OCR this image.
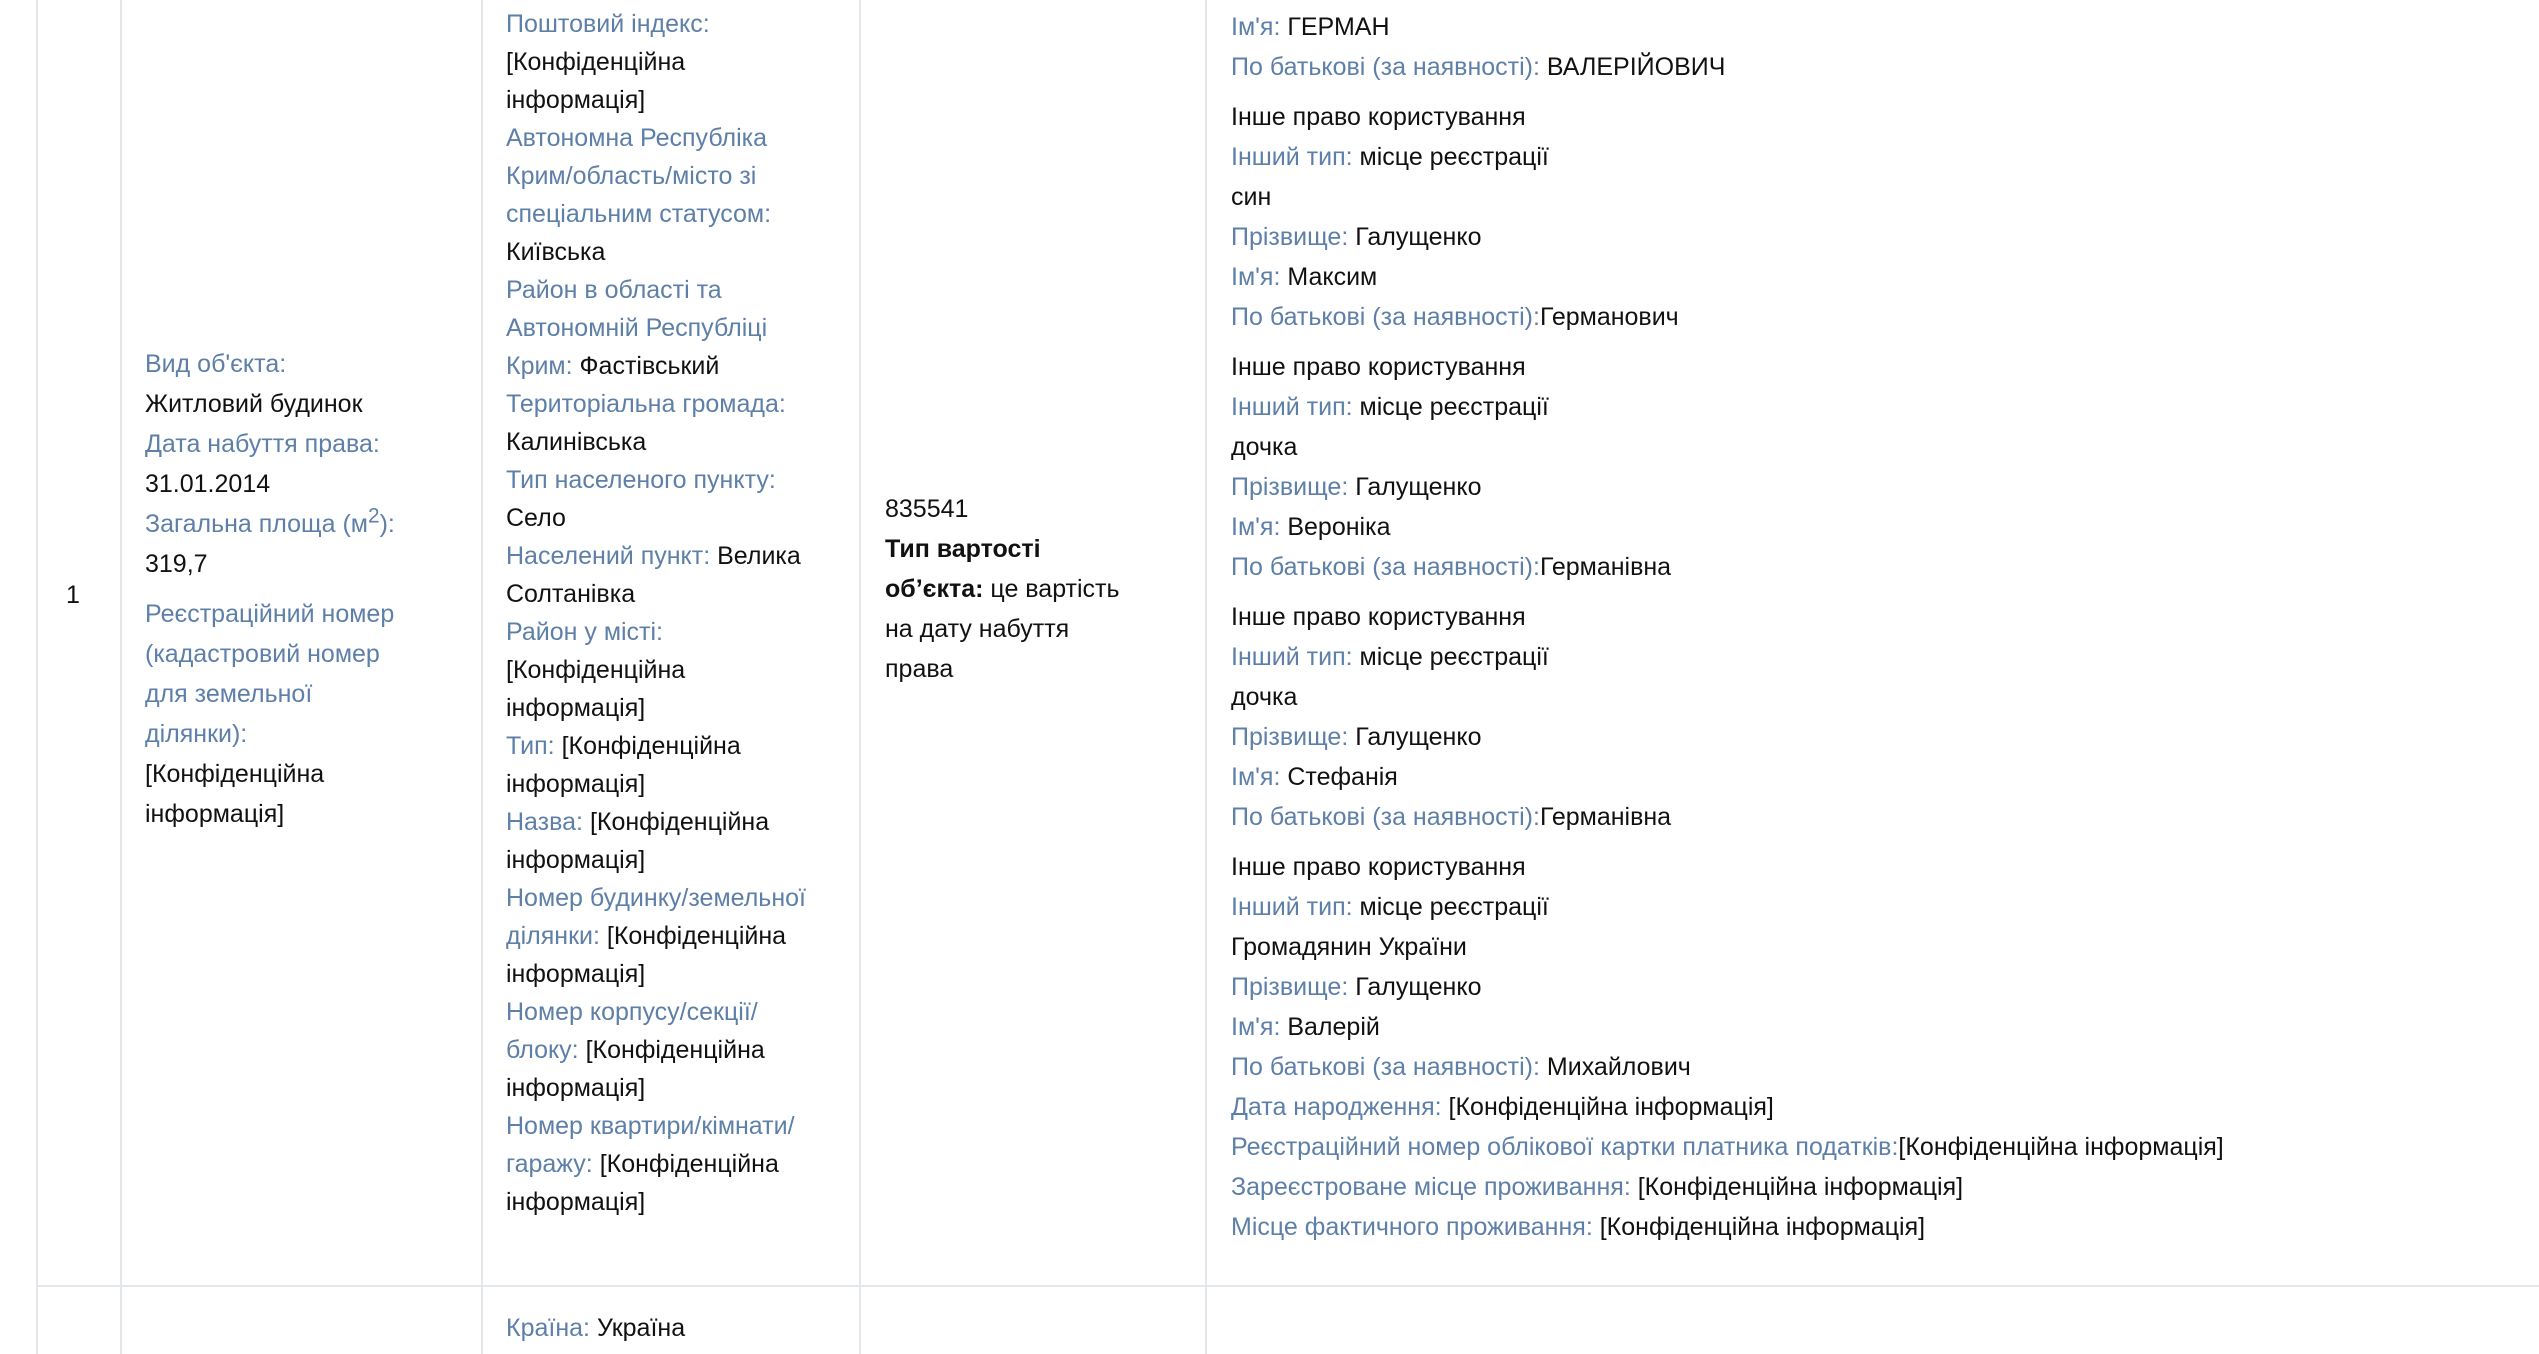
1
Вид об'єкта:
Житловий будинок
Дата набуття права:
31.01.2014
Загальна площа $(м^2)$:
319,7
Реєстраційний номер
(кадастровий номер
для земельної
ділянки):
[Конфіденційна
інформація]
Поштовий індекс:
[Конфіденційна
інформація]
Автономна Республіка
Крим/область/місто зі
спеціальним статусом:
Київська
Район в області та
Автономній Республіці
Крим: Фастівський
Територіальна громада:
Калинівська
Тип населеного пункту:
Село
Населений пункт: Велика
Солтанівка
Район у місті:
[Конфіденційна
інформація]
Тип: [Конфіденційна
інформація]
Назва: [Конфіденційна
інформація]
Номер будинку/земельної
ділянки: [Конфіденційна
інформація]
Номер корпусу/секції/
блоку: [Конфіденційна
інформація]
Номер квартири/кімнати/
гаражу: [Конфіденційна
інформація]
835541
Тип вартості
об’єкта: це вартість
на дату набуття
права
Ім'я: ГЕРМАН
По батькові (за наявності): ВАЛЕРІЙОВИЧ
Інше право користування
Інший тип: місце реєстрації
син
Прізвище: Галущенко
Ім'я: Максим
По батькові (за наявності):Германович
Інше право користування
Інший тип: місце реєстрації
дочка
Прізвище: Галущенко
Ім'я: Вероніка
По батькові (за наявності):Германівна
Інше право користування
Інший тип: місце реєстрації
дочка
Прізвище: Галущенко
Ім'я: Стефанія
По батькові (за наявності):Германівна
Інше право користування
Інший тип: місце реєстрації
Громадянин України
Прізвище: Галущенко
Ім'я: Валерій
По батькові (за наявності): Михайлович
Дата народження: [Конфіденційна інформація]
Реєстраційний номер облікової картки платника податків:[Конфіденційна інформація]
Зареєстроване місце проживання: [Конфіденційна інформація]
Місце фактичного проживання: [Конфіденційна інформація]
Країна: Україна
